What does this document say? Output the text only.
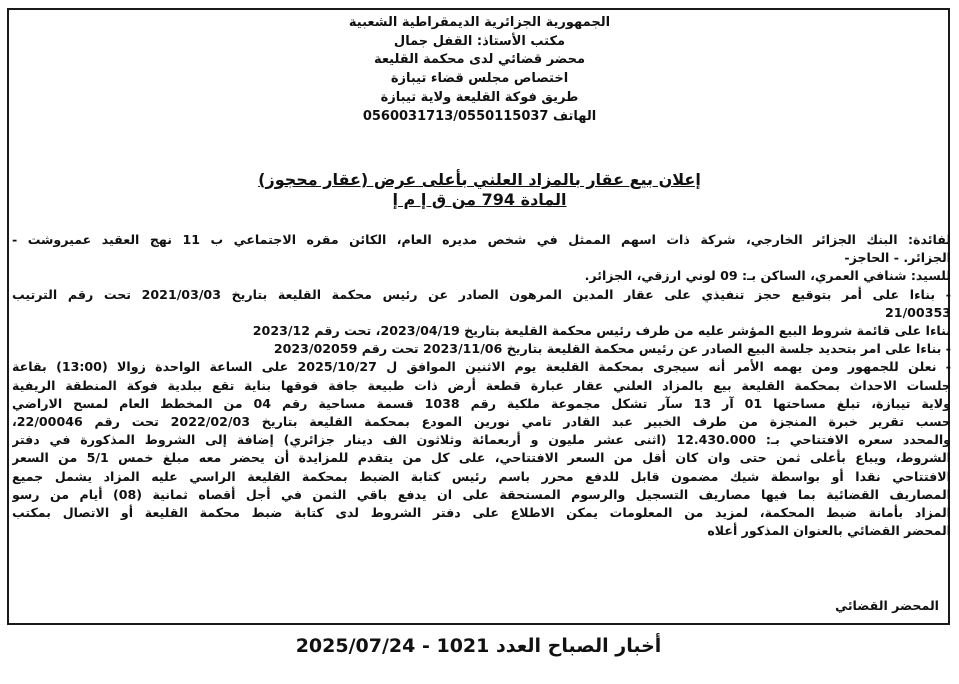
الجمهورية الجزائرية الديمقراطية الشعبية

مكتب الأستاذ: القفل جمال

محضر قضائي لدى محكمة القليعة

اختصاص مجلس قضاء تيبازة

طريق فوكة القليعة ولاية تيبازة

الهاتف 0560031713/0550115037

إعلان بيع عقار بالمزاد العلني بأعلى عرض (عقار محجوز)
المادة 794 من ق إ م إ

لفائدة: البنك الجزائر الخارجي، شركة ذات اسهم الممثل في شخص مديره العام، الكائن مقره الاجتماعي ب 11 نهج العقيد عميروشت -

الجزائر. - الحاجز-

للسيد: شنافي العمري، الساكن بـ: 09 لوني ارزقي، الجزائر.

- بناءا على أمر بتوقيع حجز تنفيذي على عقار المدين المرهون الصادر عن رئيس محكمة القليعة بتاريخ 2021/03/03 تحت رقم الترتيب

21/00353

بناءا على قائمة شروط البيع المؤشر عليه من طرف رئيس محكمة القليعة بتاريخ 2023/04/19، تحت رقم 2023/12

- بناءا على امر بتحديد جلسة البيع الصادر عن رئيس محكمة القليعة بتاريخ 2023/11/06 تحت رقم 2023/02059

- نعلن للجمهور ومن يهمه الأمر أنه سيجرى بمحكمة القليعة يوم الاثنين الموافق ل 2025/10/27 على الساعة الواحدة زوالا (13:00) بقاعة

جلسات الاحداث بمحكمة القليعة بيع بالمزاد العلني عقار عبارة قطعة أرض ذات طبيعة جافة فوقها بناية تقع ببلدية فوكة المنطقة الريفية

ولاية تيبازة، تبلغ مساحتها 01 آر 13 سآر تشكل مجموعة ملكية رقم 1038 قسمة مساحية رقم 04 من المخطط العام لمسح الاراضي

حسب تقرير خبرة المنجزة من طرف الخبير عبد القادر تامي نورين المودع بمحكمة القليعة بتاريخ 2022/02/03 تحت رقم 22/00046،

والمحدد سعره الافتتاحي بـ: 12.430.000 (اثنى عشر مليون و أربعمائة وثلاثون الف دينار جزائري) إضافة إلى الشروط المذكورة في دفتر

الشروط، ويباع بأعلى ثمن حتى وان كان أقل من السعر الافتتاحي، على كل من يتقدم للمزايدة أن يحضر معه مبلغ خمس 5/1 من السعر

الافتتاحي نقدا أو بواسطة شيك مضمون قابل للدفع محرر باسم رئيس كتابة الضبط بمحكمة القليعة الراسي عليه المزاد يشمل جميع

المصاريف القضائية بما فيها مصاريف التسجيل والرسوم المستحقة على ان يدفع باقي الثمن في أجل أقصاه ثمانية (08) أيام من رسو

المزاد بأمانة ضبط المحكمة، لمزيد من المعلومات يمكن الاطلاع على دفتر الشروط لدى كتابة ضبط محكمة القليعة أو الاتصال بمكتب

المحضر القضائي بالعنوان المذكور أعلاه

المحضر القضائي
أخبار الصباح العدد 1021 - 2025/07/24
